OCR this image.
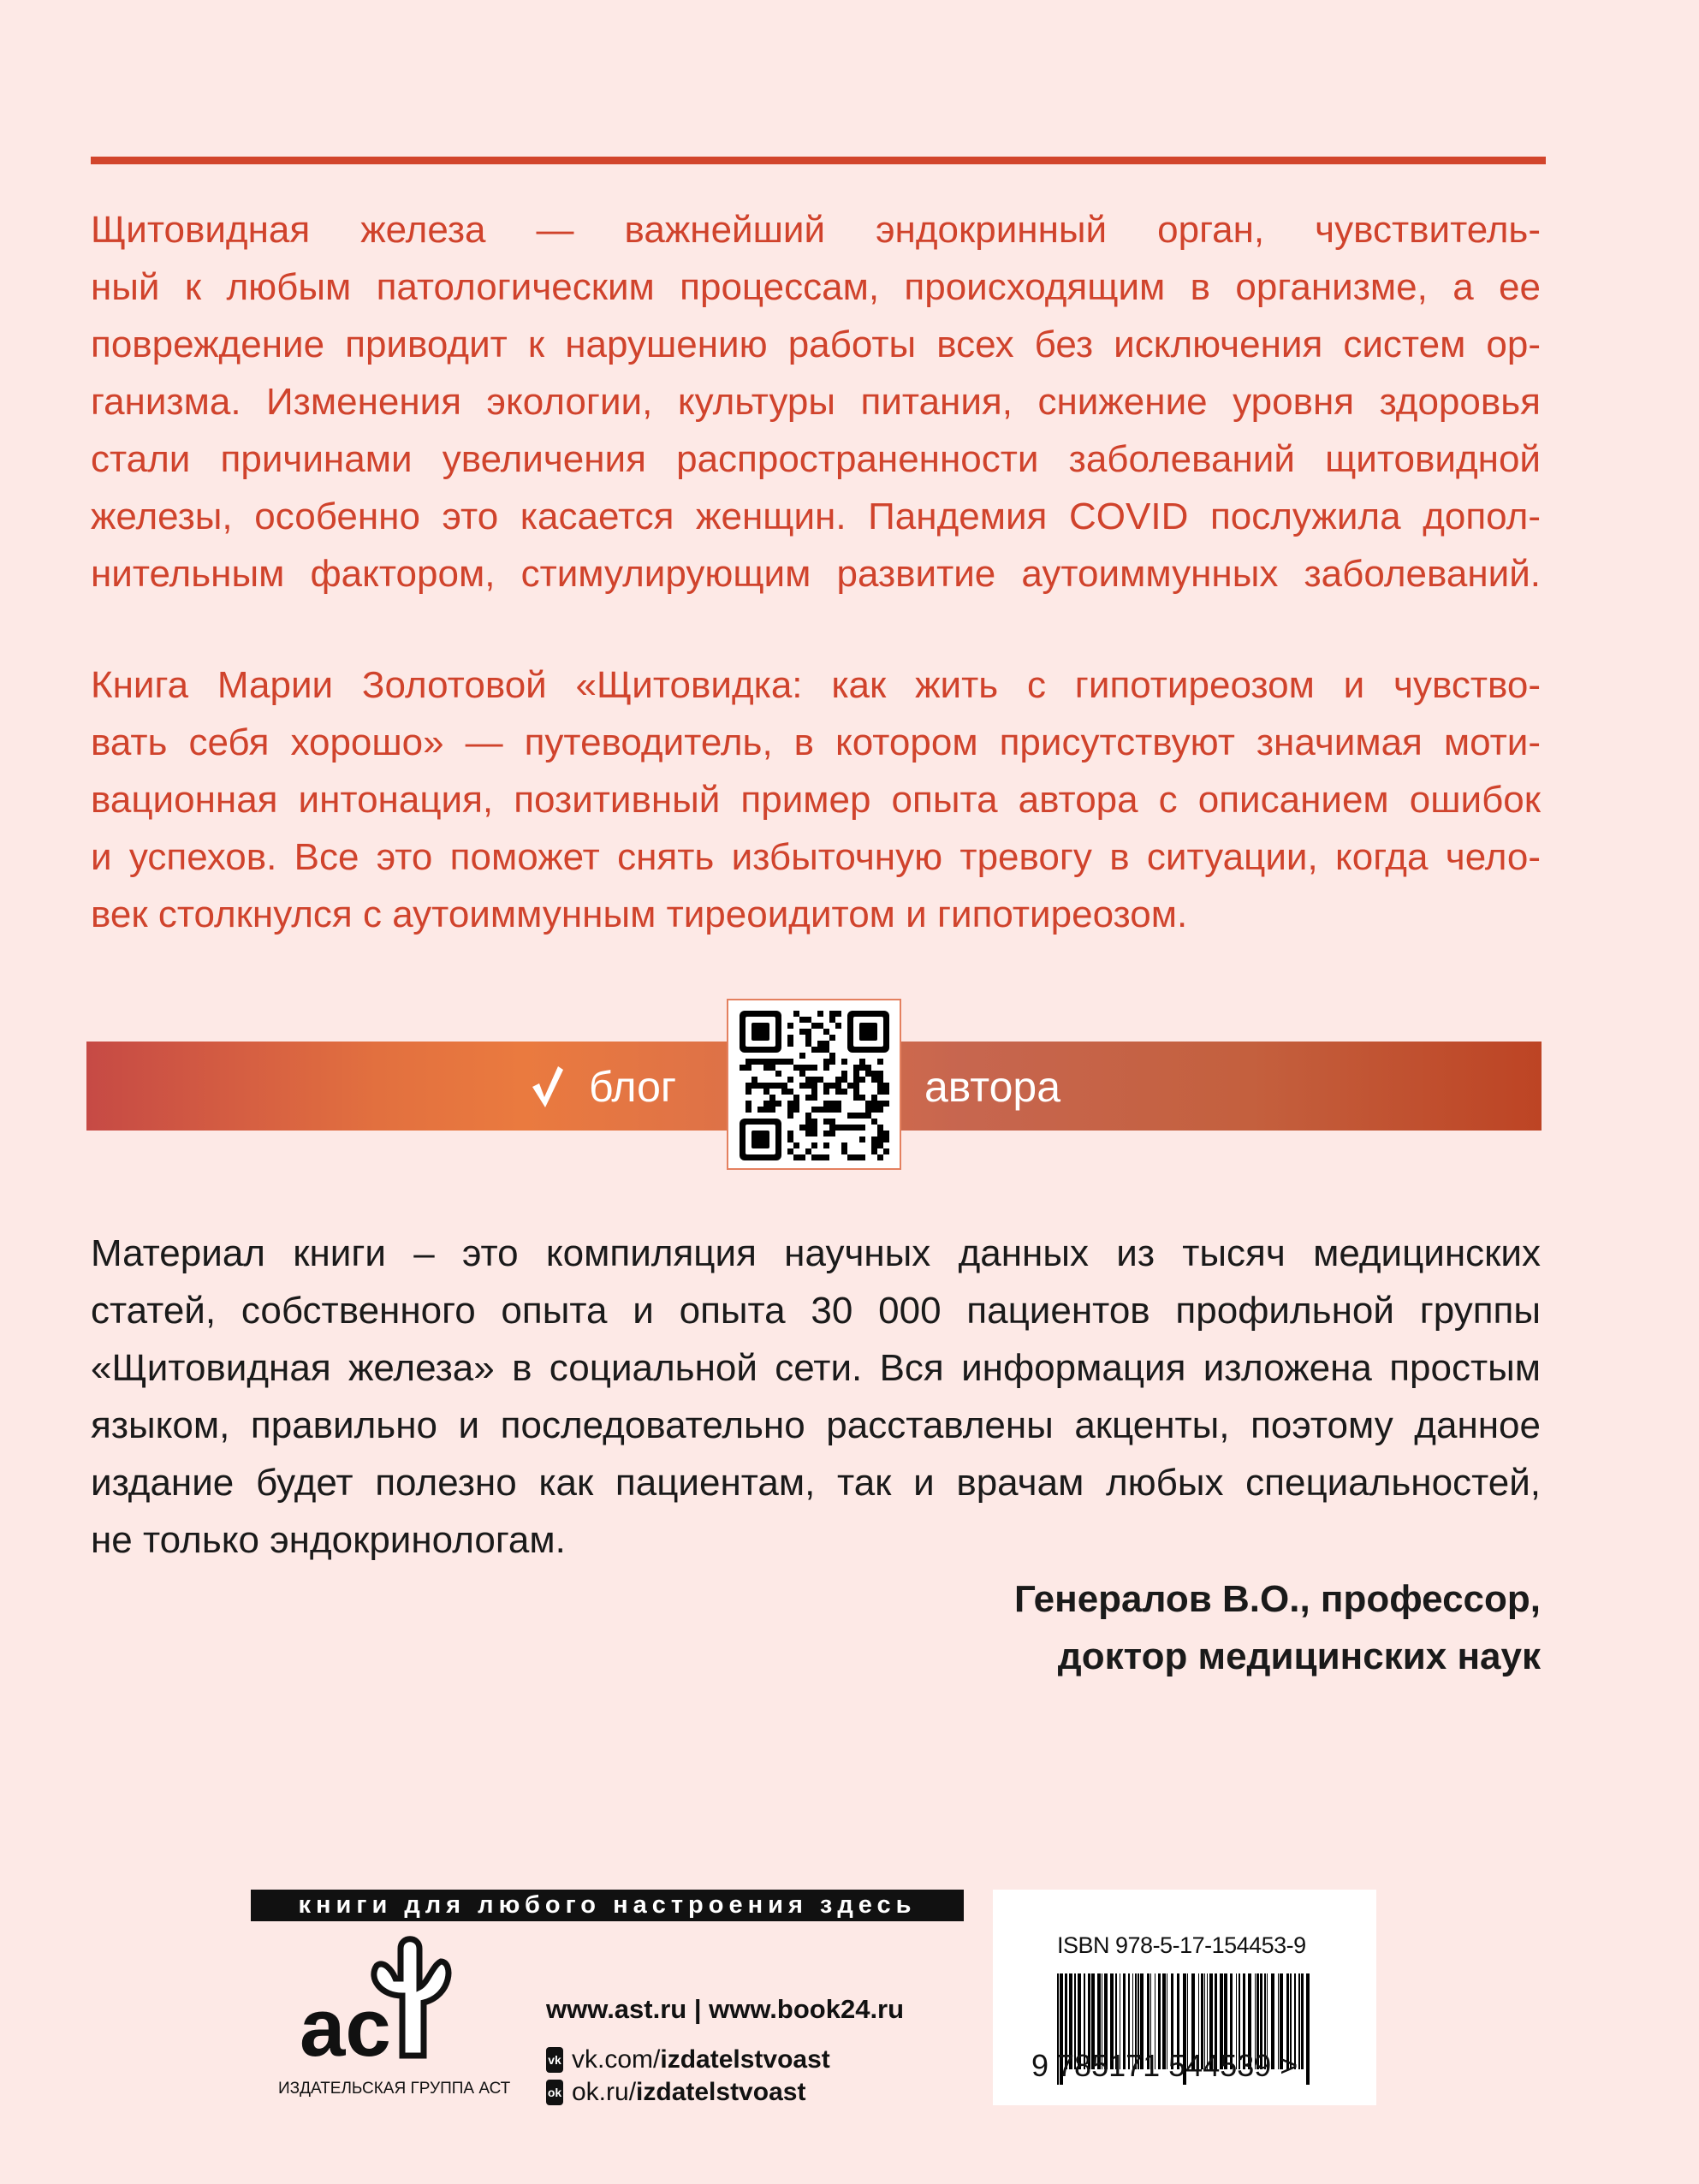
Щитовидная железа — важнейший эндокринный орган, чувствитель-
ный к любым патологическим процессам, происходящим в организме, а ее
повреждение приводит к нарушению работы всех без исключения систем ор-
ганизма. Изменения экологии, культуры питания, снижение уровня здоровья
стали причинами увеличения распространенности заболеваний щитовидной
железы, особенно это касается женщин. Пандемия COVID послужила допол-
нительным фактором, стимулирующим развитие аутоиммунных заболеваний.
Книга Марии Золотовой «Щитовидка: как жить с гипотиреозом и чувство-
вать себя хорошо» — путеводитель, в котором присутствуют значимая моти-
вационная интонация, позитивный пример опыта автора с описанием ошибок
и успехов. Все это поможет снять избыточную тревогу в ситуации, когда чело-
век столкнулся с аутоиммунным тиреоидитом и гипотиреозом.
блог	автора
Материал книги – это компиляция научных данных из тысяч медицинских
статей, собственного опыта и опыта 30 000 пациентов профильной группы
«Щитовидная железа» в социальной сети. Вся информация изложена простым
языком, правильно и последовательно расставлены акценты, поэтому данное
издание будет полезно как пациентам, так и врачам любых специальностей,
не только эндокринологам.
Генералов В.О., профессор,
доктор медицинских наук
книги для любого настроения здесь
ac
ИЗДАТЕЛЬСКАЯ ГРУППА АСТ
www.ast.ru | www.book24.ru
vk vk.com/ izdatelstvoast
ok ok.ru/ izdatelstvoast
ISBN 978-5-17-154453-9
9 785171 544539 >
